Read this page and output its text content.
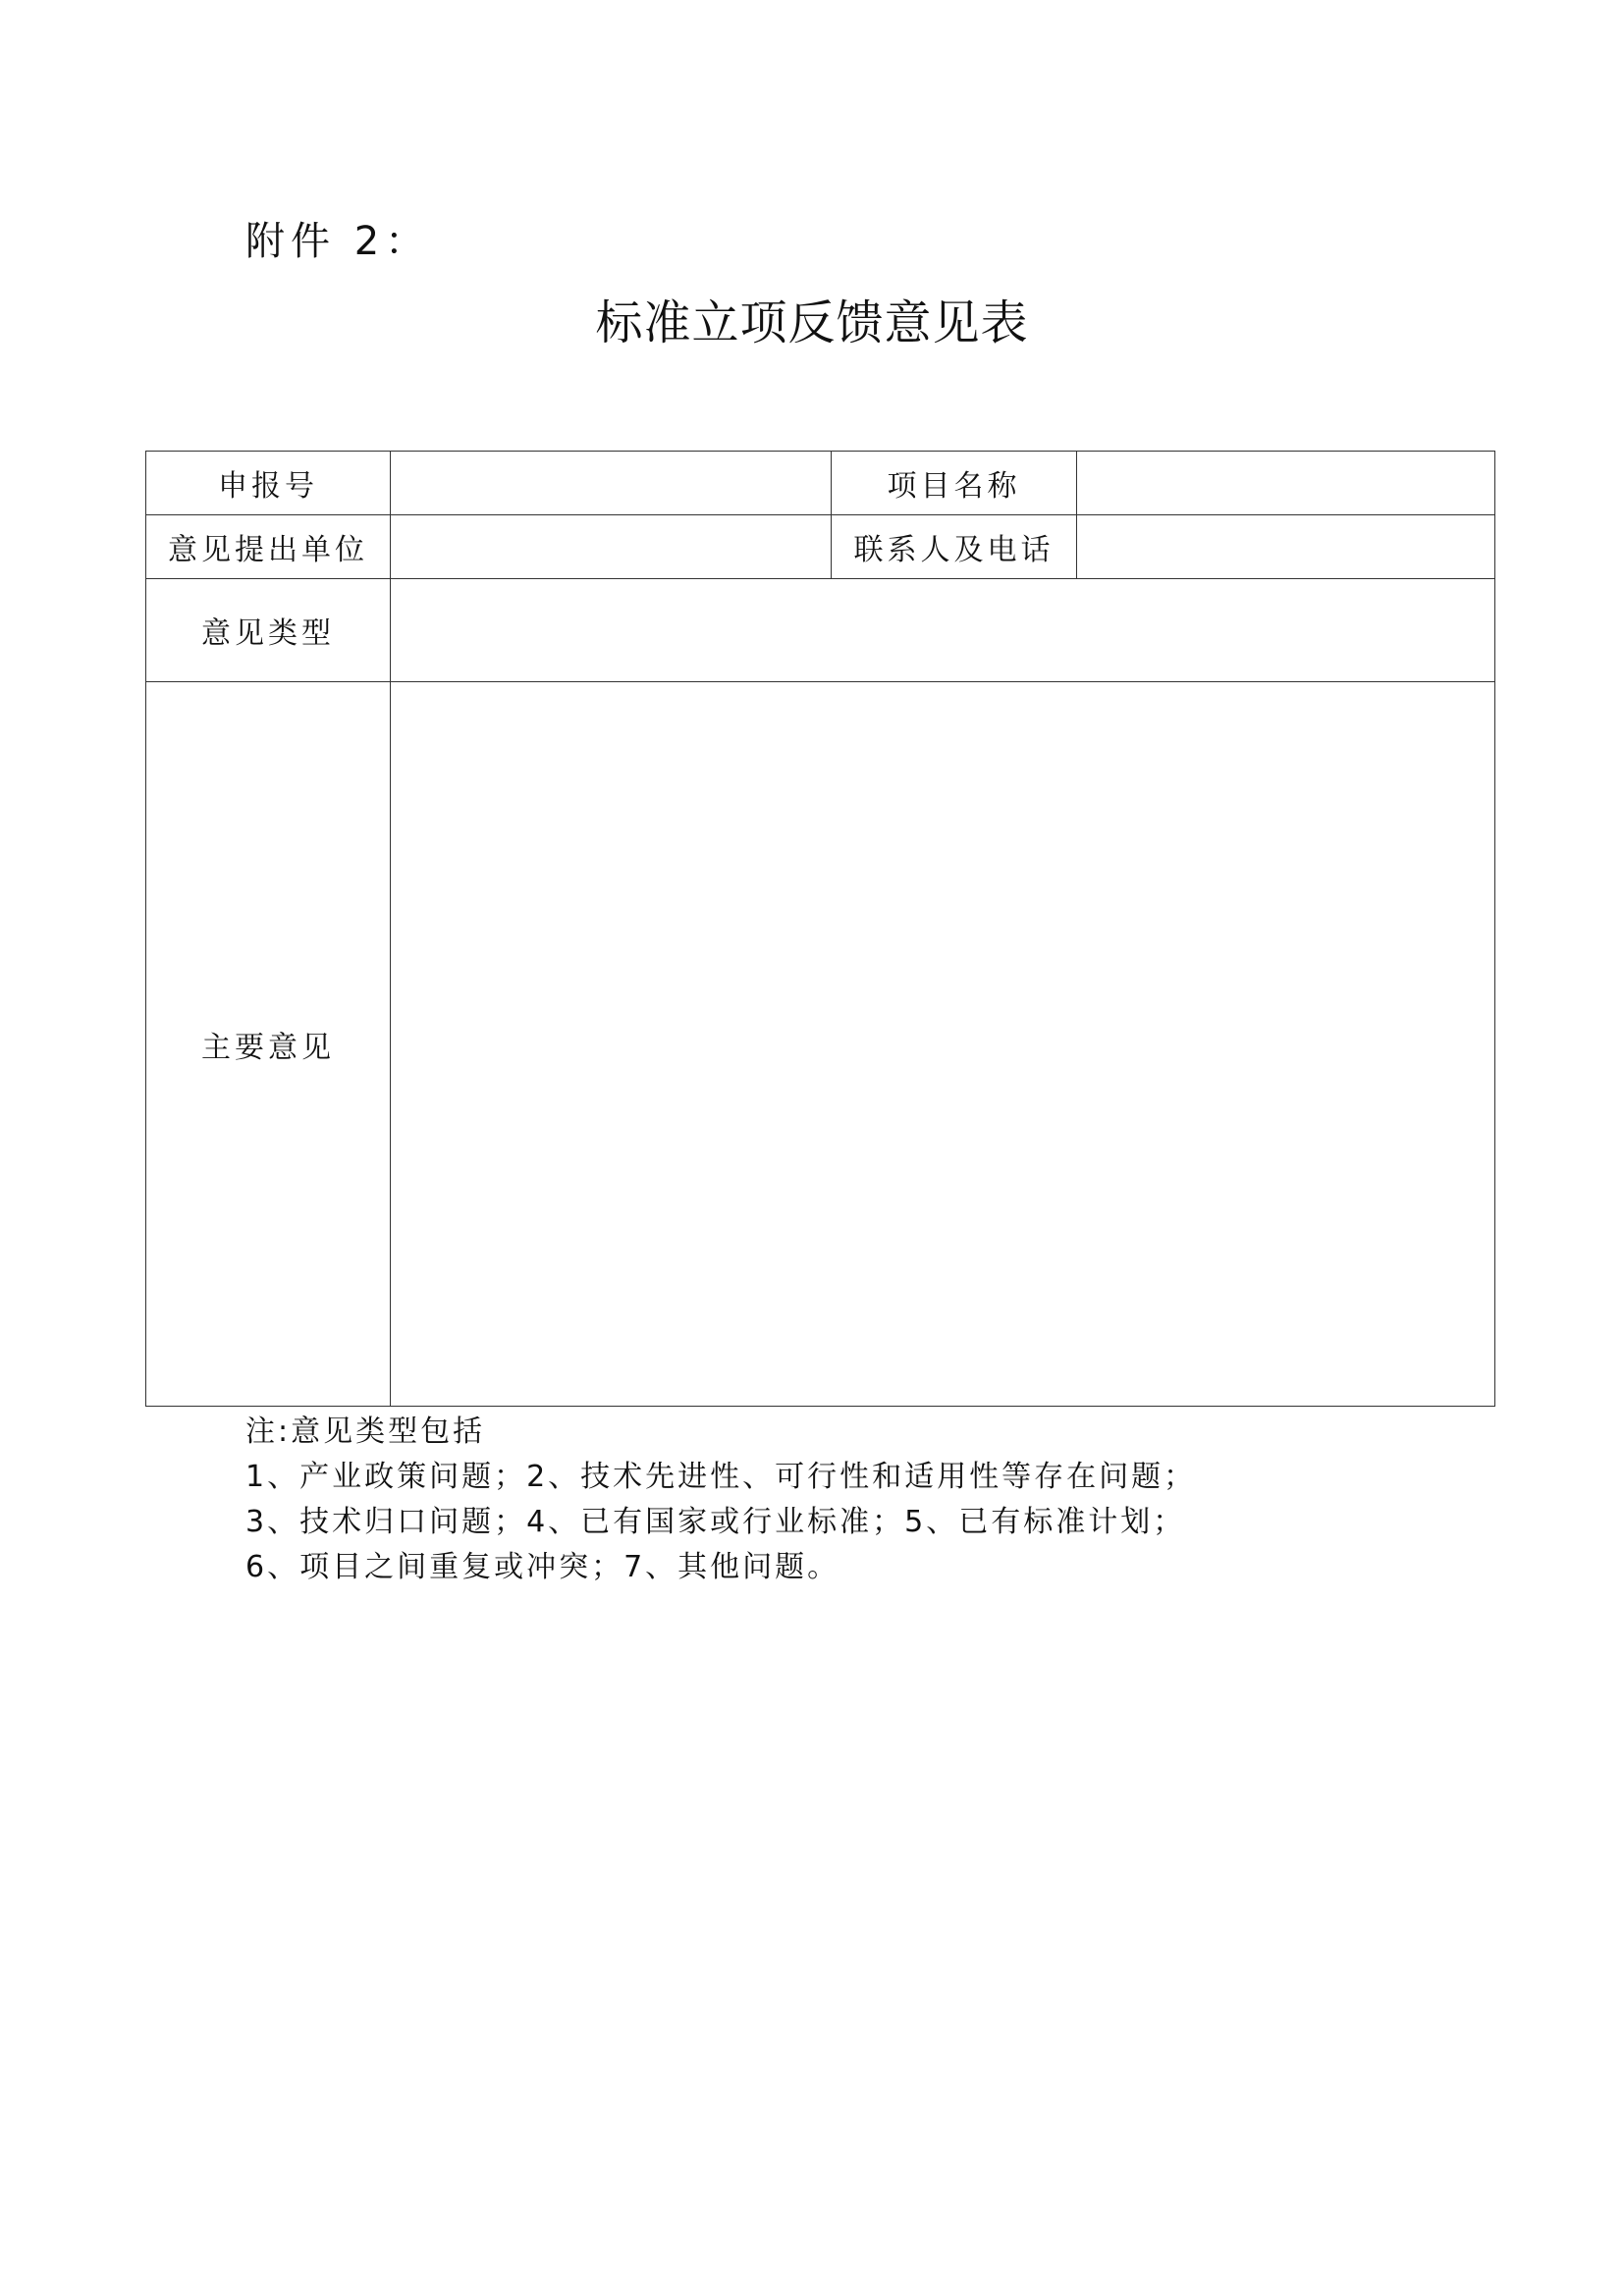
附件 2：
标准立项反馈意见表
申报号		项目名称	
意见提出单位		联系人及电话	
意见类型			
主要意见			
注:意见类型包括
1、产业政策问题；2、技术先进性、可行性和适用性等存在问题；
3、技术归口问题；4、已有国家或行业标准；5、已有标准计划；
6、项目之间重复或冲突；7、其他问题。
